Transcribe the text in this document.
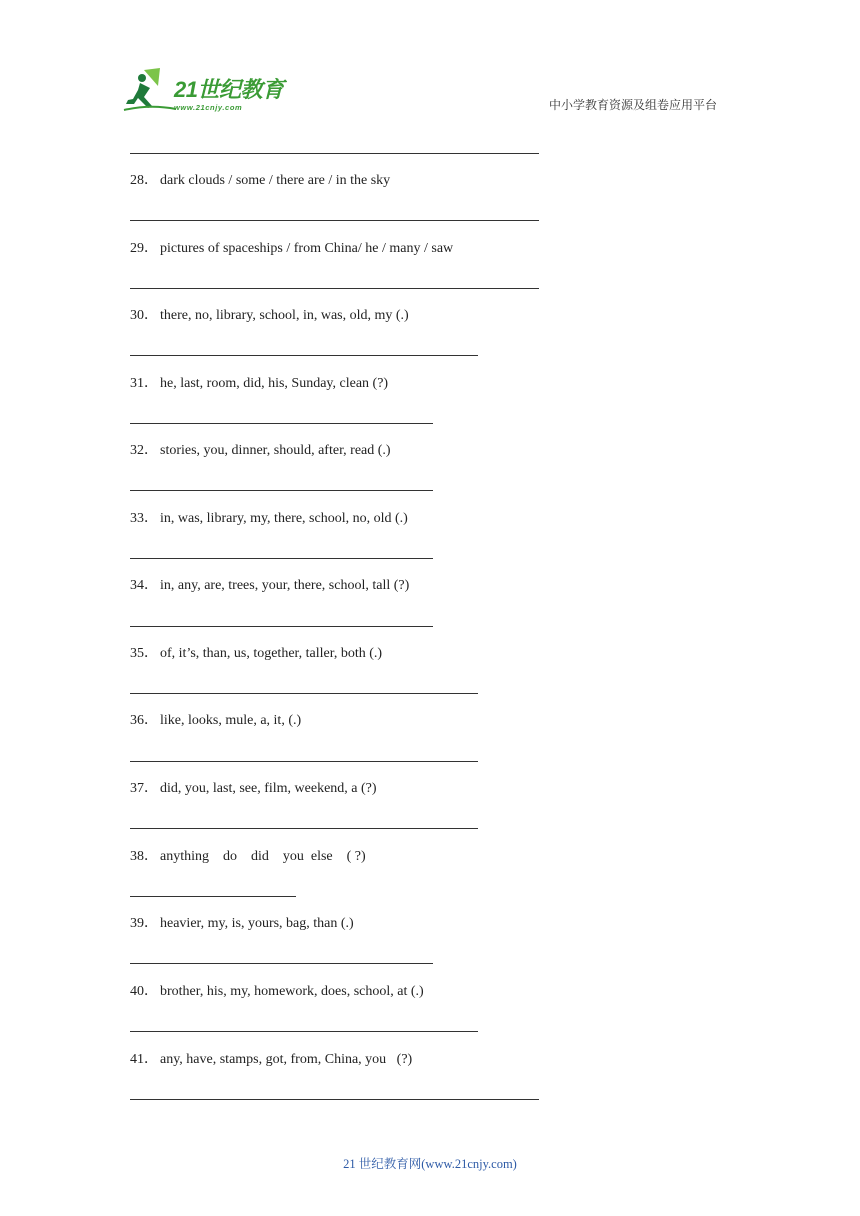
21世纪教育
www.21cnjy.com	中小学教育资源及组卷应用平台
28． dark clouds / some / there are / in the sky
29． pictures of spaceships / from China/ he / many / saw
30． there, no, library, school, in, was, old, my (.)
31． he, last, room, did, his, Sunday, clean (?)
32． stories, you, dinner, should, after, read (.)
33． in, was, library, my, there, school, no, old (.)
34． in, any, are, trees, your, there, school, tall (?)
35． of, it’s, than, us, together, taller, both (.)
36． like, looks, mule, a, it, (.)
37． did, you, last, see, film, weekend, a (?)
38． anything    do    did    you  else    ( ?)
39． heavier, my, is, yours, bag, than (.)
40． brother, his, my, homework, does, school, at (.)
41． any, have, stamps, got, from, China, you   (?)
21 世纪教育网(www.21cnjy.com)
